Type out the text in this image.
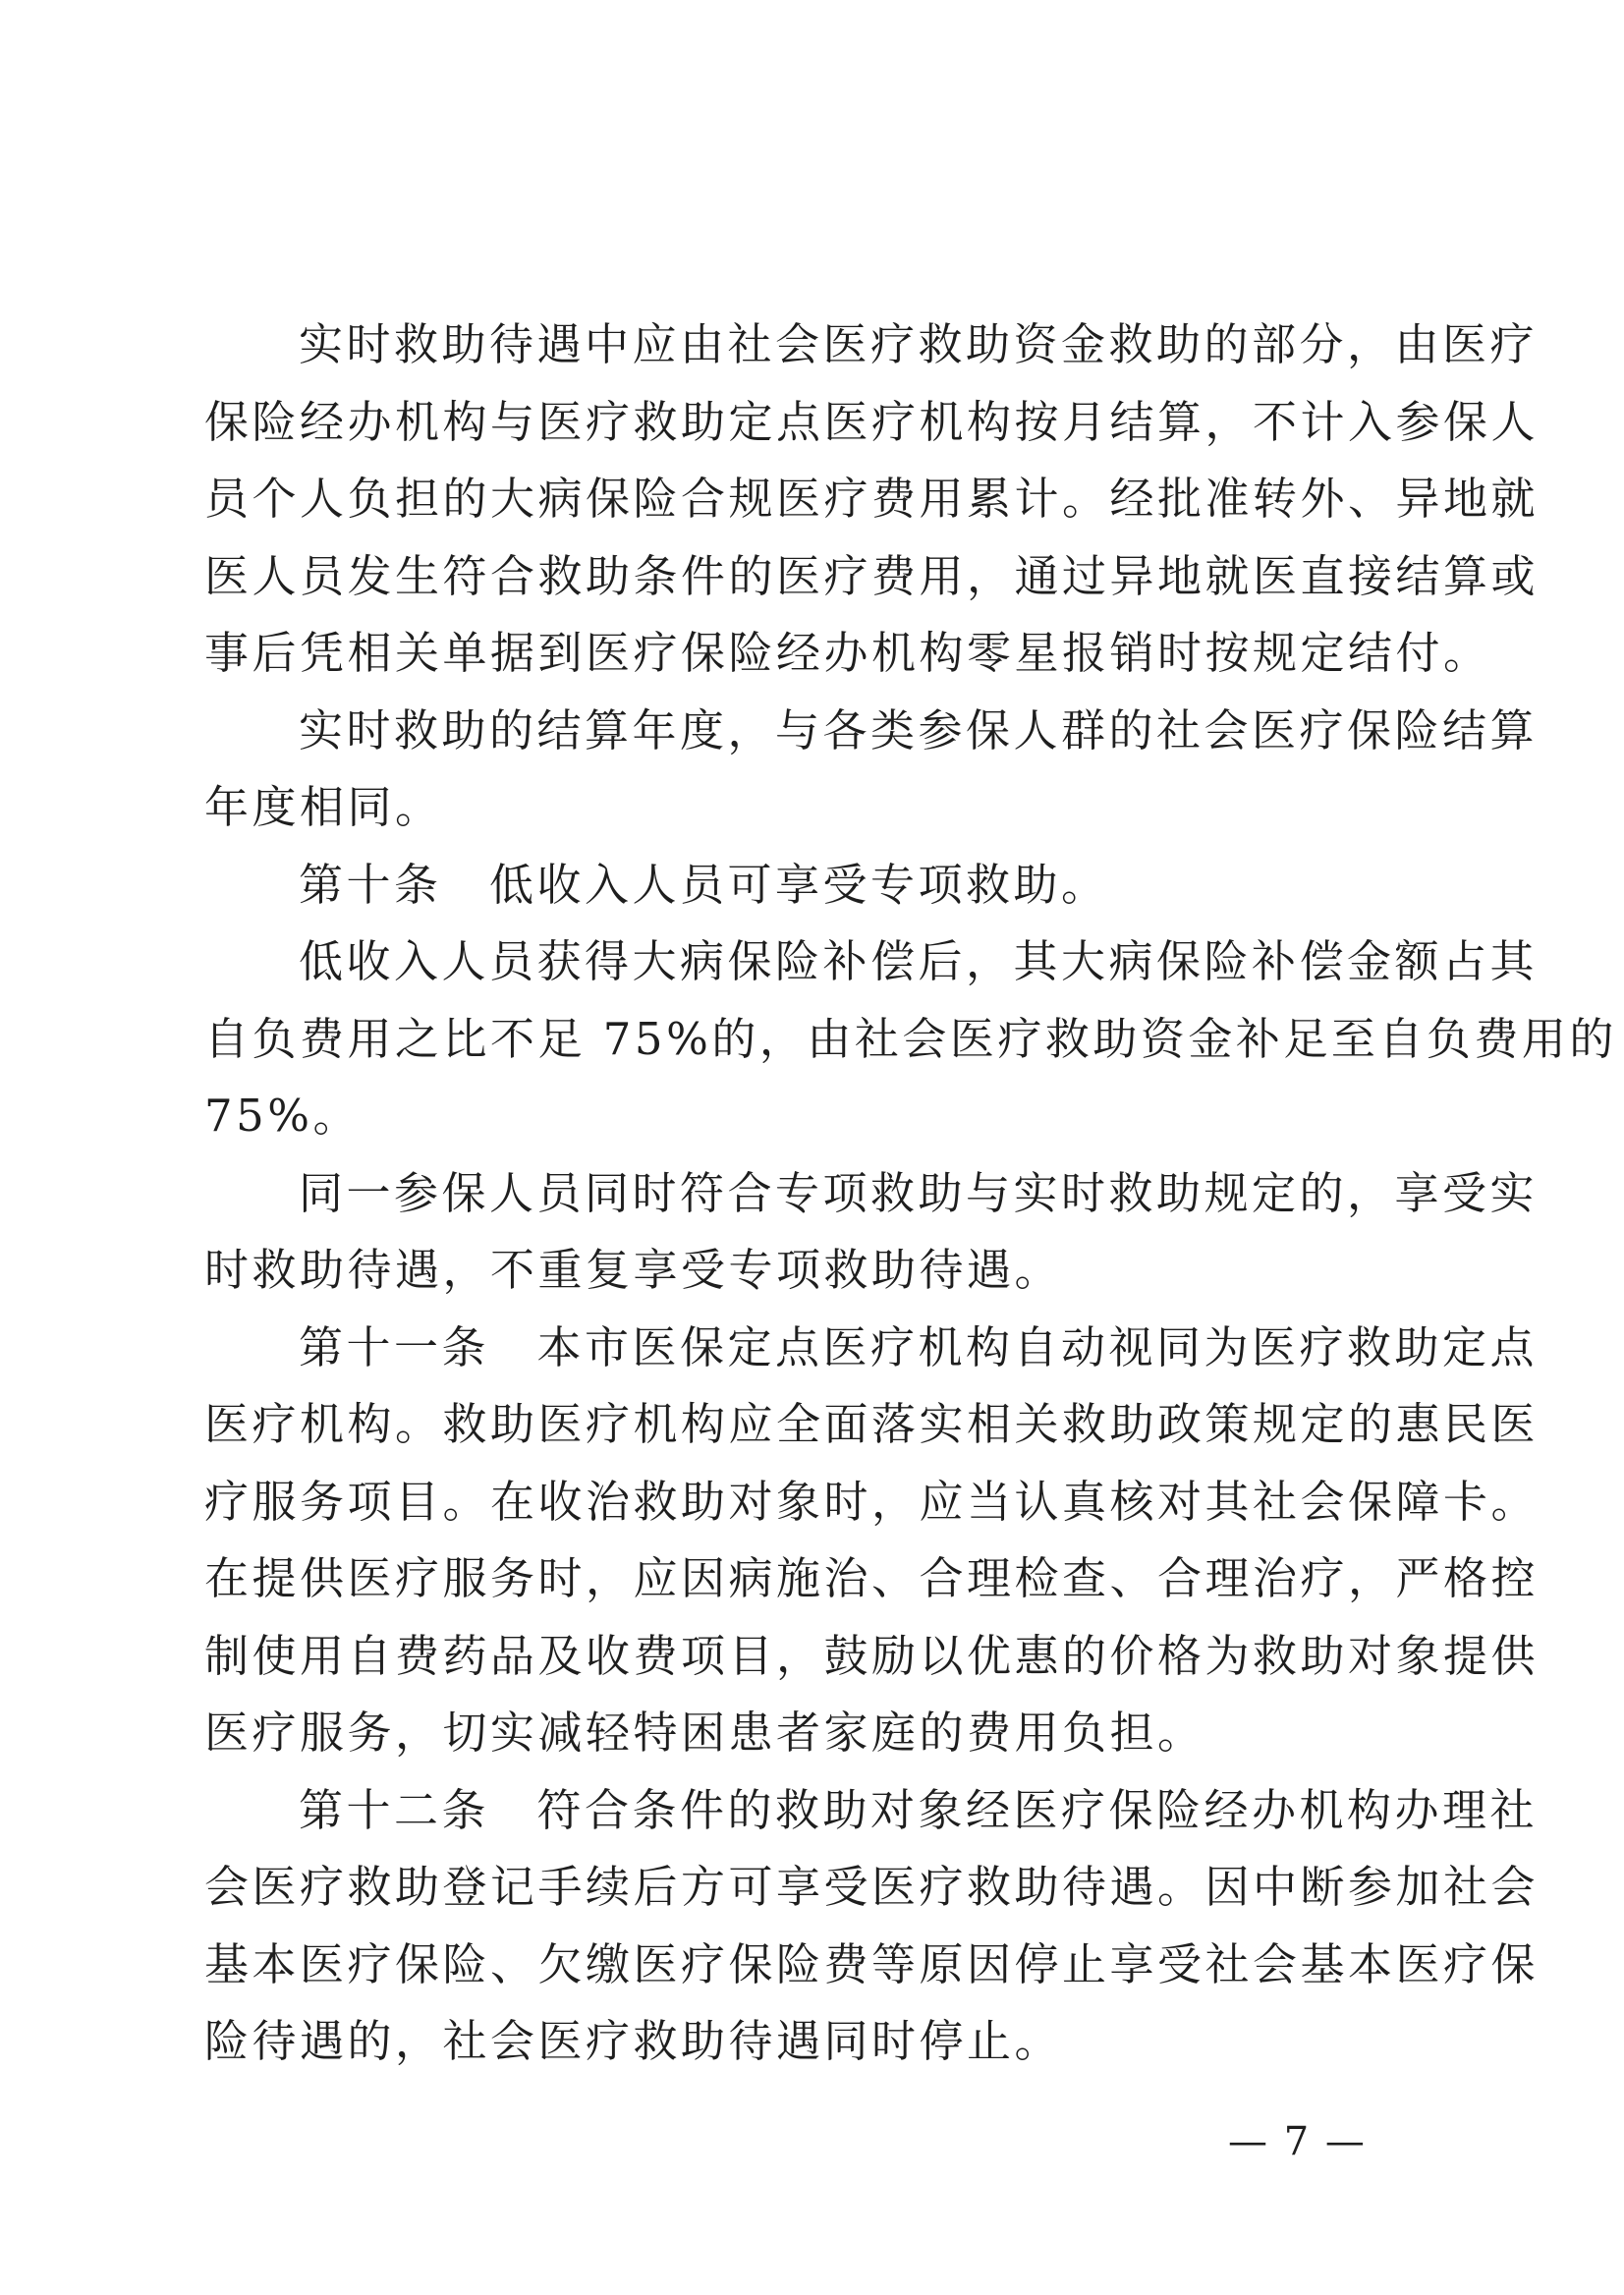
实时救助待遇中应由社会医疗救助资金救助的部分，由医疗
保险经办机构与医疗救助定点医疗机构按月结算，不计入参保人
员个人负担的大病保险合规医疗费用累计。经批准转外、异地就
医人员发生符合救助条件的医疗费用，通过异地就医直接结算或
事后凭相关单据到医疗保险经办机构零星报销时按规定结付。
实时救助的结算年度，与各类参保人群的社会医疗保险结算
年度相同。
第十条　低收入人员可享受专项救助。
低收入人员获得大病保险补偿后，其大病保险补偿金额占其
自负费用之比不足 75%的，由社会医疗救助资金补足至自负费用的
75%。
同一参保人员同时符合专项救助与实时救助规定的，享受实
时救助待遇，不重复享受专项救助待遇。
第十一条　本市医保定点医疗机构自动视同为医疗救助定点
医疗机构。救助医疗机构应全面落实相关救助政策规定的惠民医
疗服务项目。在收治救助对象时，应当认真核对其社会保障卡。
在提供医疗服务时，应因病施治、合理检查、合理治疗，严格控
制使用自费药品及收费项目，鼓励以优惠的价格为救助对象提供
医疗服务，切实减轻特困患者家庭的费用负担。
第十二条　符合条件的救助对象经医疗保险经办机构办理社
会医疗救助登记手续后方可享受医疗救助待遇。因中断参加社会
基本医疗保险、欠缴医疗保险费等原因停止享受社会基本医疗保
险待遇的，社会医疗救助待遇同时停止。
— 7 —
